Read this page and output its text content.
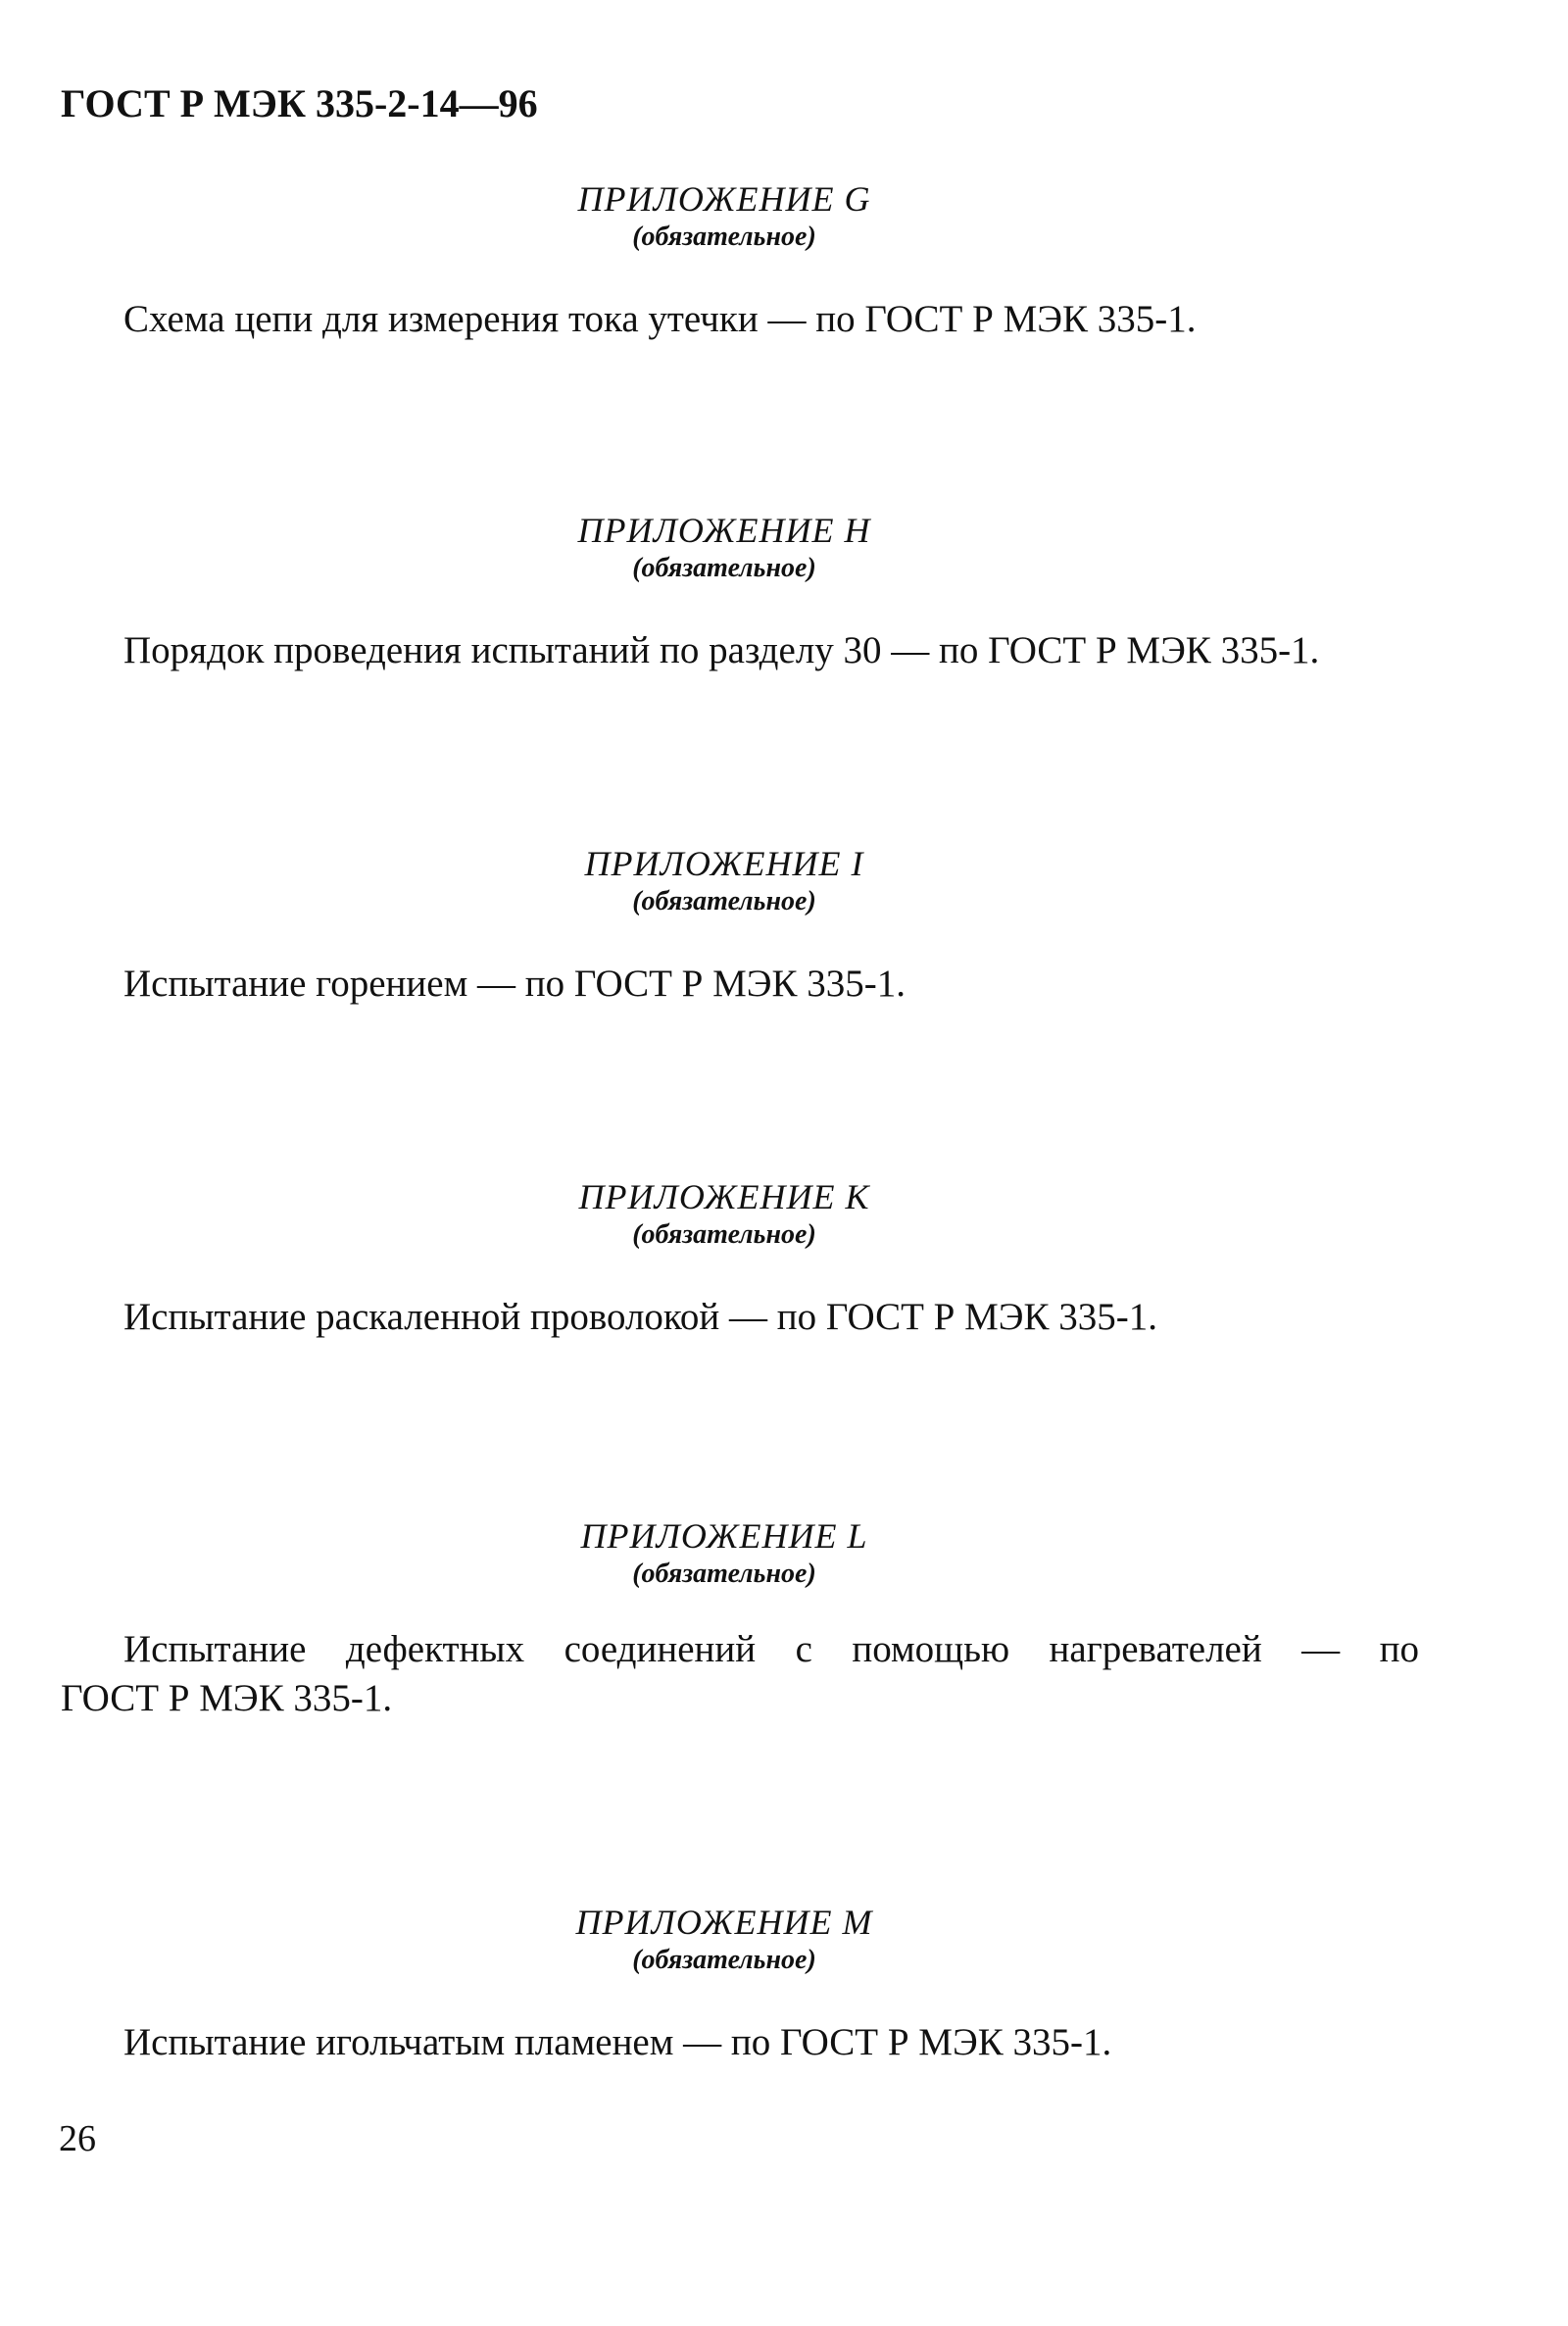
ГОСТ Р МЭК 335-2-14—96
ПРИЛОЖЕНИЕ G
(обязательное)
Схема цепи для измерения тока утечки — по ГОСТ Р МЭК 335-1.
ПРИЛОЖЕНИЕ H
(обязательное)
Порядок проведения испытаний по разделу 30 — по ГОСТ Р МЭК 335-1.
ПРИЛОЖЕНИЕ I
(обязательное)
Испытание горением — по ГОСТ Р МЭК 335-1.
ПРИЛОЖЕНИЕ K
(обязательное)
Испытание раскаленной проволокой — по ГОСТ Р МЭК 335-1.
ПРИЛОЖЕНИЕ L
(обязательное)
Испытание дефектных соединений с помощью нагревателей — по
ГОСТ Р МЭК 335-1.
ПРИЛОЖЕНИЕ M
(обязательное)
Испытание игольчатым пламенем — по ГОСТ Р МЭК 335-1.
26
